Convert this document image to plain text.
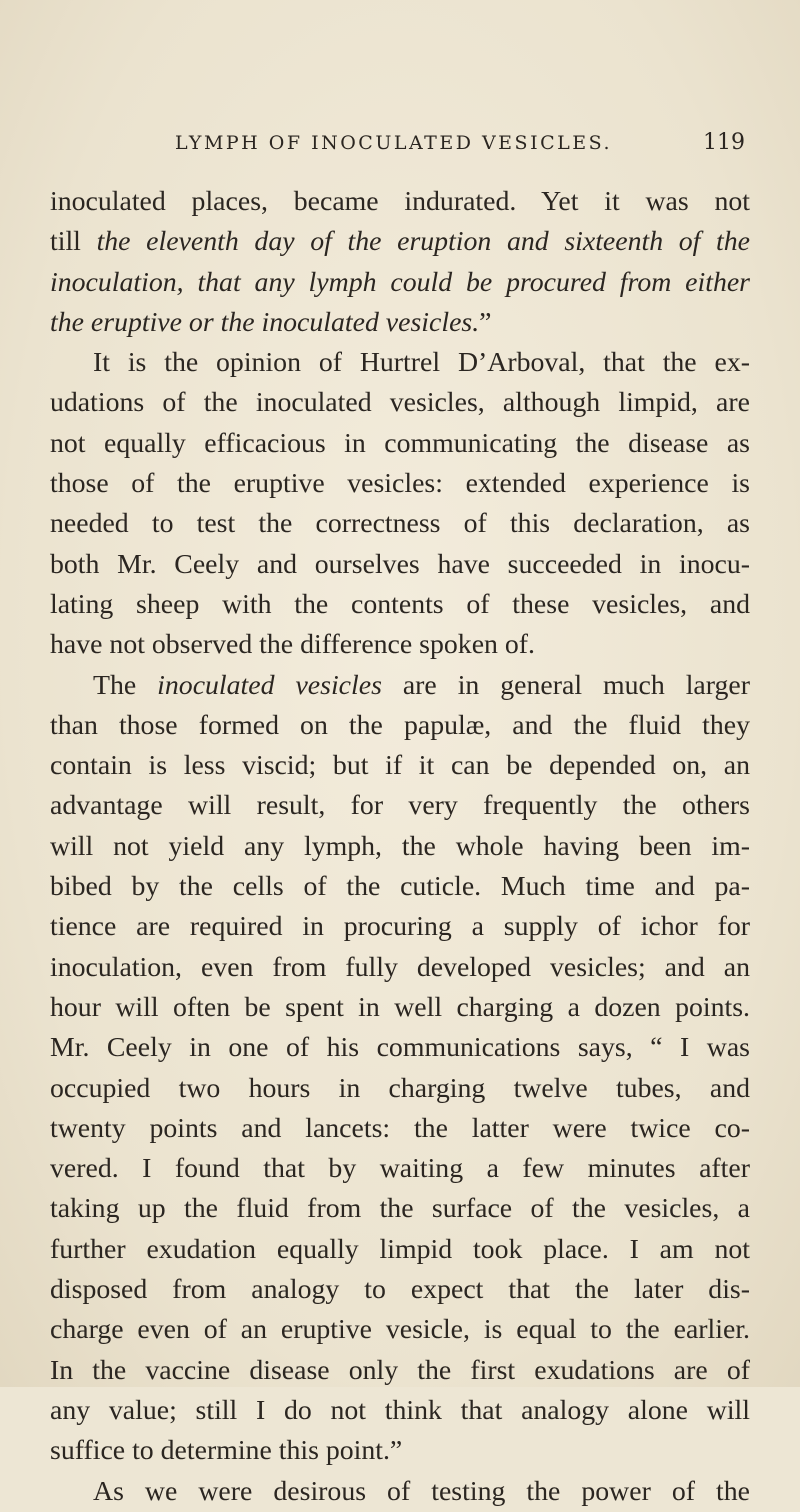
LYMPH OF INOCULATED VESICLES.	119
inoculated places, became indurated. Yet it was not
till the eleventh day of the eruption and sixteenth of the
inoculation, that any lymph could be procured from either
the eruptive or the inoculated vesicles.”
It is the opinion of Hurtrel D’Arboval, that the ex-
udations of the inoculated vesicles, although limpid, are
not equally efficacious in communicating the disease as
those of the eruptive vesicles: extended experience is
needed to test the correctness of this declaration, as
both Mr. Ceely and ourselves have succeeded in inocu-
lating sheep with the contents of these vesicles, and
have not observed the difference spoken of.
The inoculated vesicles are in general much larger
than those formed on the papulæ, and the fluid they
contain is less viscid; but if it can be depended on, an
advantage will result, for very frequently the others
will not yield any lymph, the whole having been im-
bibed by the cells of the cuticle. Much time and pa-
tience are required in procuring a supply of ichor for
inoculation, even from fully developed vesicles; and an
hour will often be spent in well charging a dozen points.
Mr. Ceely in one of his communications says, “ I was
occupied two hours in charging twelve tubes, and
twenty points and lancets: the latter were twice co-
vered. I found that by waiting a few minutes after
taking up the fluid from the surface of the vesicles, a
further exudation equally limpid took place. I am not
disposed from analogy to expect that the later dis-
charge even of an eruptive vesicle, is equal to the earlier.
In the vaccine disease only the first exudations are of
any value; still I do not think that analogy alone will
suffice to determine this point.”
As we were desirous of testing the power of the
